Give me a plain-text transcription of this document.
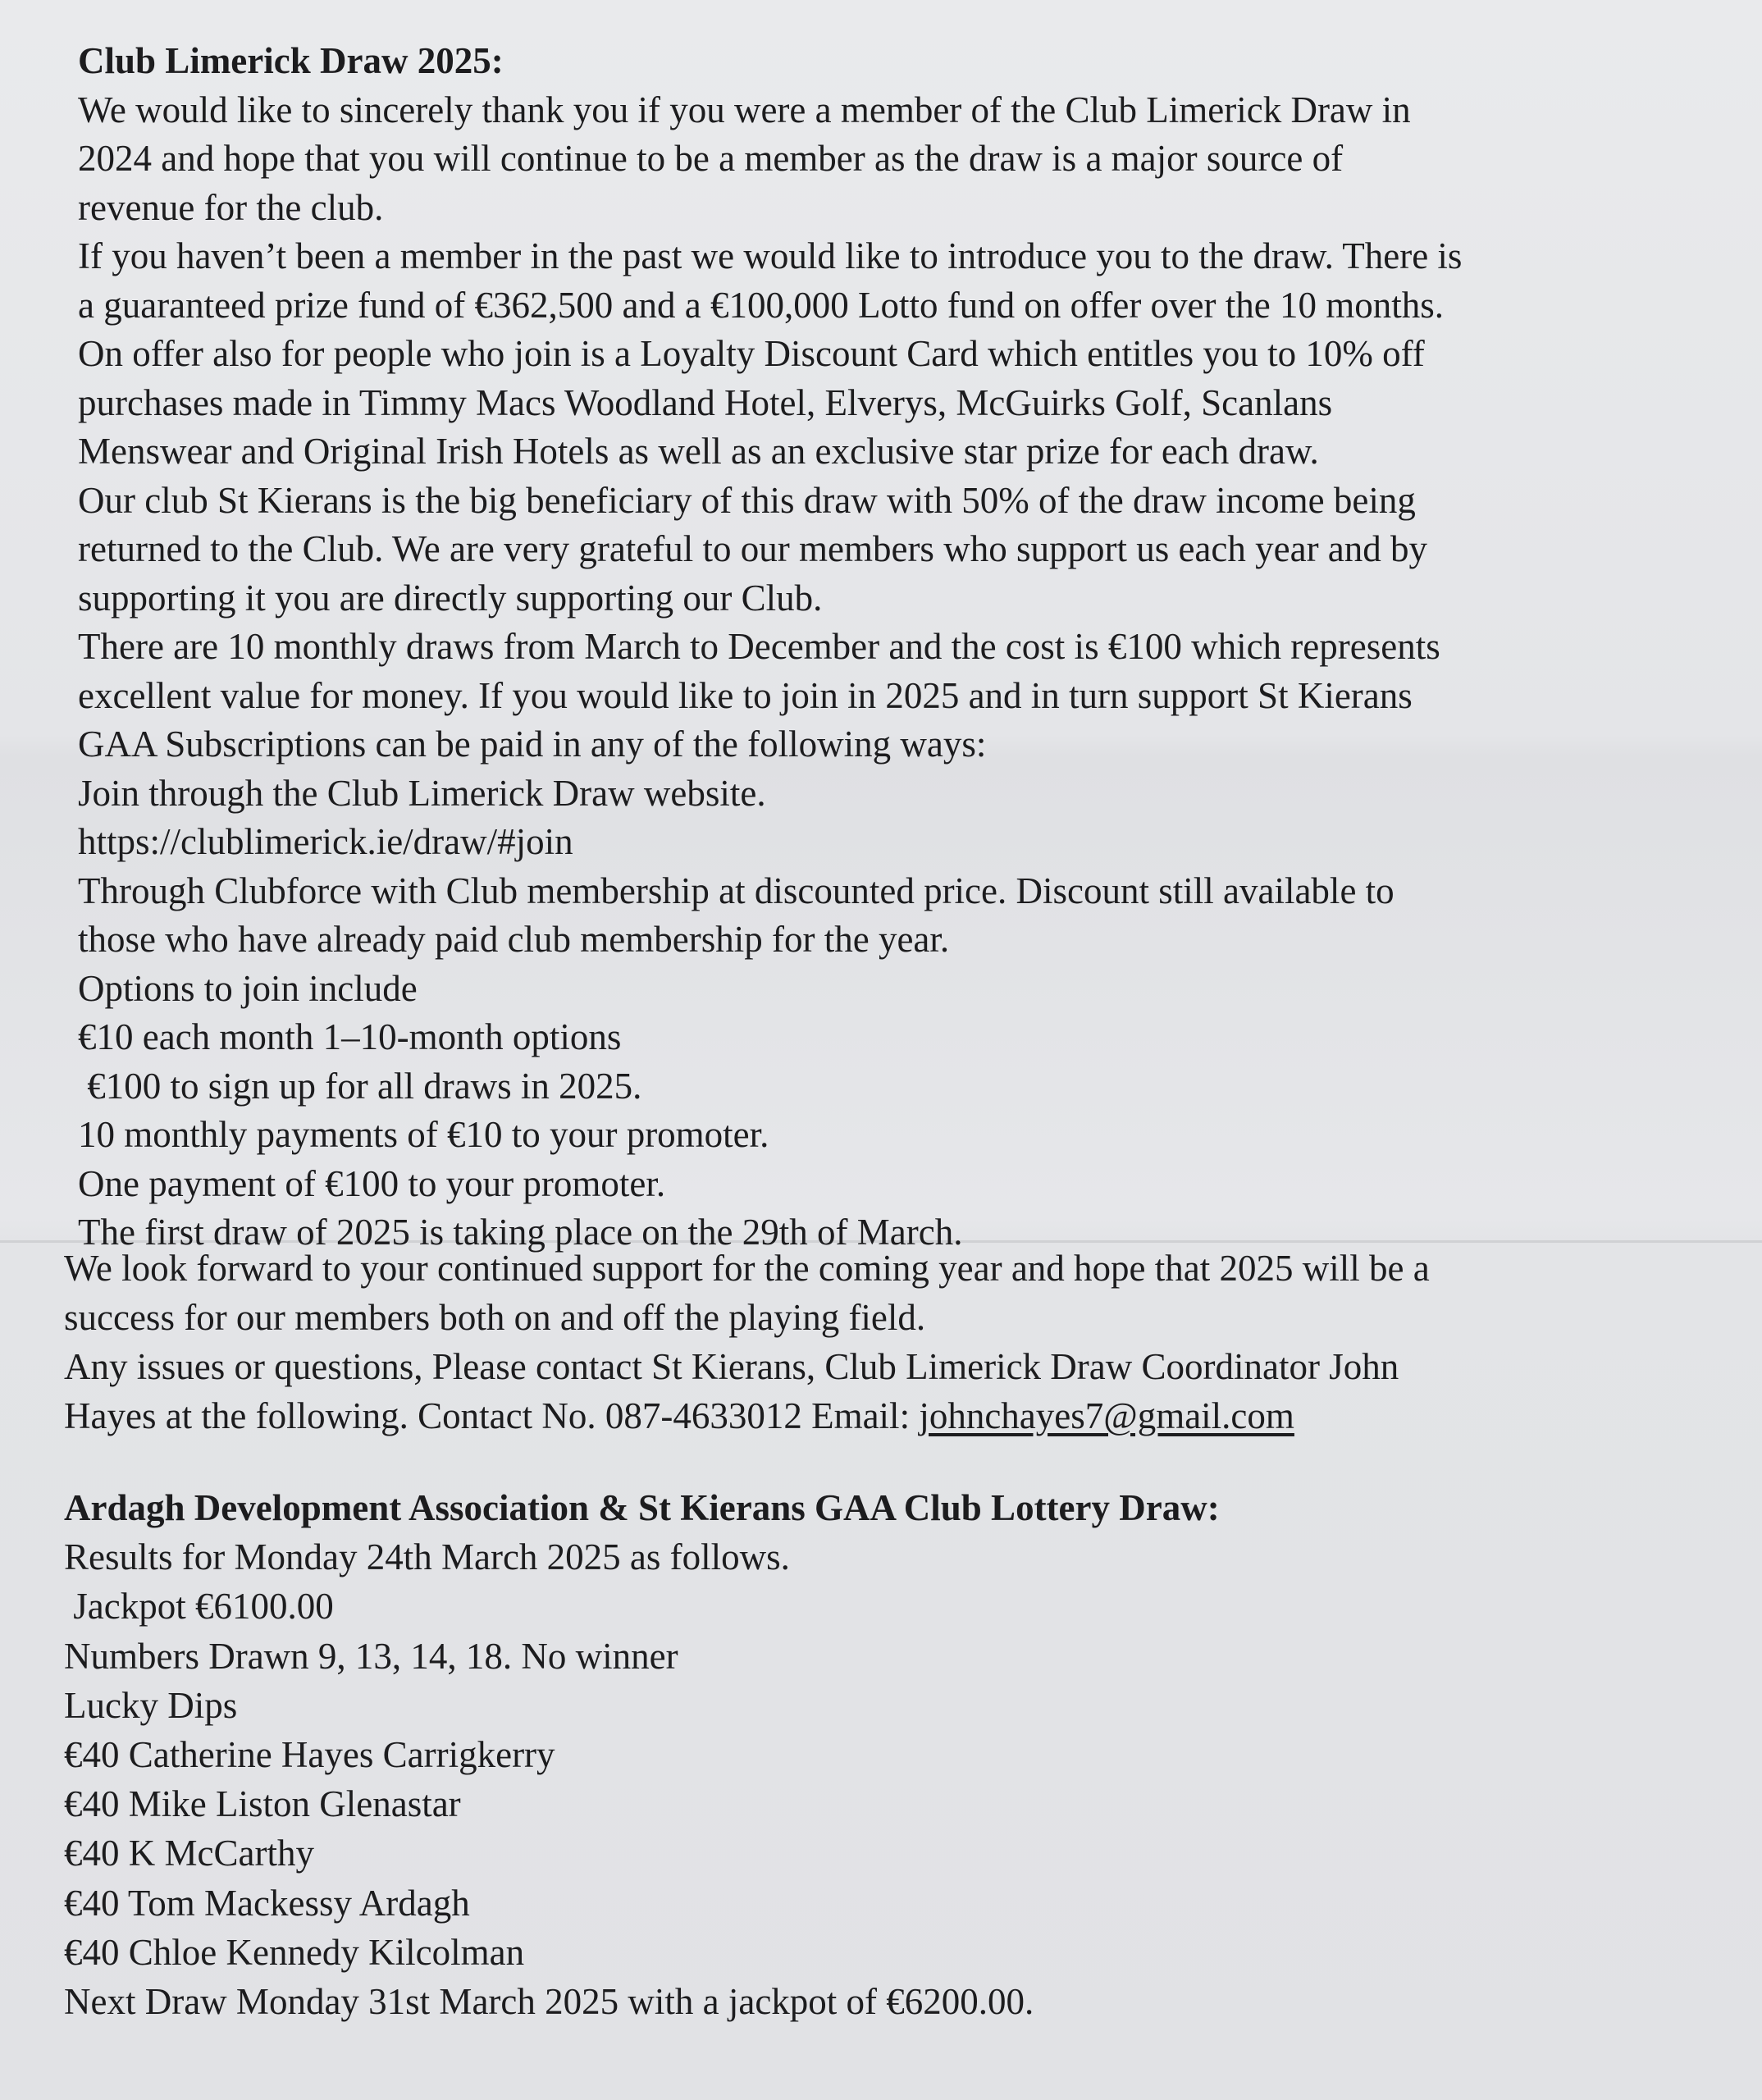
Club Limerick Draw 2025:
We would like to sincerely thank you if you were a member of the Club Limerick Draw in
2024 and hope that you will continue to be a member as the draw is a major source of
revenue for the club.
If you haven’t been a member in the past we would like to introduce you to the draw. There is
a guaranteed prize fund of €362,500 and a €100,000 Lotto fund on offer over the 10 months.
On offer also for people who join is a Loyalty Discount Card which entitles you to 10% off
purchases made in Timmy Macs Woodland Hotel, Elverys, McGuirks Golf, Scanlans
Menswear and Original Irish Hotels as well as an exclusive star prize for each draw.
Our club St Kierans is the big beneficiary of this draw with 50% of the draw income being
returned to the Club. We are very grateful to our members who support us each year and by
supporting it you are directly supporting our Club.
There are 10 monthly draws from March to December and the cost is €100 which represents
excellent value for money. If you would like to join in 2025 and in turn support St Kierans
GAA Subscriptions can be paid in any of the following ways:
Join through the Club Limerick Draw website.
https://clublimerick.ie/draw/#join
Through Clubforce with Club membership at discounted price. Discount still available to
those who have already paid club membership for the year.
Options to join include
€10 each month 1–10-month options
€100 to sign up for all draws in 2025.
10 monthly payments of €10 to your promoter.
One payment of €100 to your promoter.
The first draw of 2025 is taking place on the 29th of March.
We look forward to your continued support for the coming year and hope that 2025 will be a
success for our members both on and off the playing field.
Any issues or questions, Please contact St Kierans, Club Limerick Draw Coordinator John
Hayes at the following. Contact No. 087-4633012 Email: johnchayes7@gmail.com
Ardagh Development Association & St Kierans GAA Club Lottery Draw:
Results for Monday 24th March 2025 as follows.
Jackpot €6100.00
Numbers Drawn 9, 13, 14, 18. No winner
Lucky Dips
€40 Catherine Hayes Carrigkerry
€40 Mike Liston Glenastar
€40 K McCarthy
€40 Tom Mackessy Ardagh
€40 Chloe Kennedy Kilcolman
Next Draw Monday 31st March 2025 with a jackpot of €6200.00.
